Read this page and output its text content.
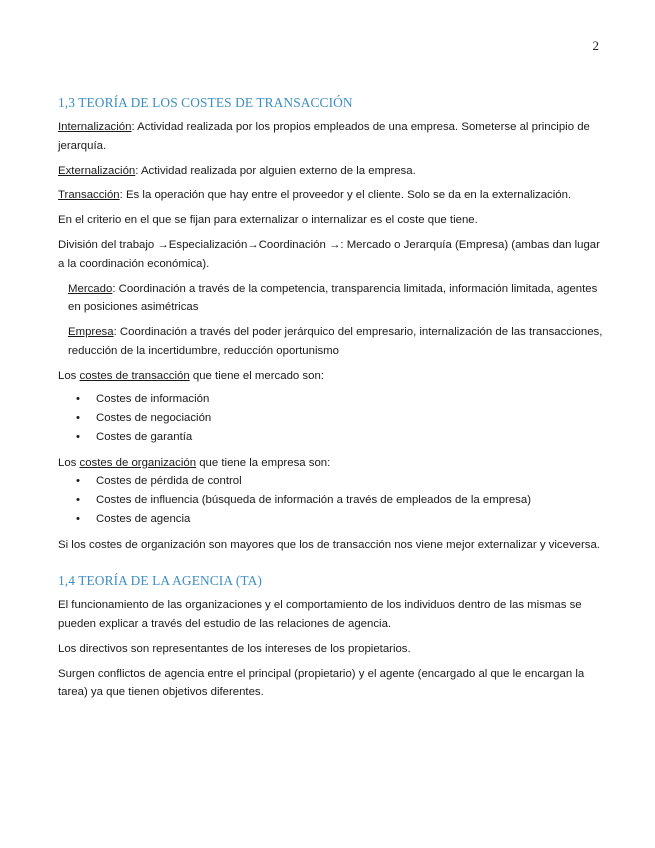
2
1,3 TEORÍA DE LOS COSTES DE TRANSACCIÓN

Internalización: Actividad realizada por los propios empleados de una empresa. Someterse al principio de jerarquía.

Externalización: Actividad realizada por alguien externo de la empresa.

Transacción: Es la operación que hay entre el proveedor y el cliente. Solo se da en la externalización.

En el criterio en el que se fijan para externalizar o internalizar es el coste que tiene.

División del trabajo →Especialización→Coordinación →: Mercado o Jerarquía (Empresa) (ambas dan lugar a la coordinación económica).

Mercado: Coordinación a través de la competencia, transparencia limitada, información limitada, agentes en posiciones asimétricas

Empresa: Coordinación a través del poder jerárquico del empresario, internalización de las transacciones, reducción de la incertidumbre, reducción oportunismo

Los costes de transacción que tiene el mercado son:

• Costes de información
• Costes de negociación
• Costes de garantía

Los costes de organización que tiene la empresa son:

• Costes de pérdida de control
• Costes de influencia (búsqueda de información a través de empleados de la empresa)
• Costes de agencia

Si los costes de organización son mayores que los de transacción nos viene mejor externalizar y viceversa.

1,4 TEORÍA DE LA AGENCIA (TA)

El funcionamiento de las organizaciones y el comportamiento de los individuos dentro de las mismas se pueden explicar a través del estudio de las relaciones de agencia.

Los directivos son representantes de los intereses de los propietarios.

Surgen conflictos de agencia entre el principal (propietario) y el agente (encargado al que le encargan la tarea) ya que tienen objetivos diferentes.
